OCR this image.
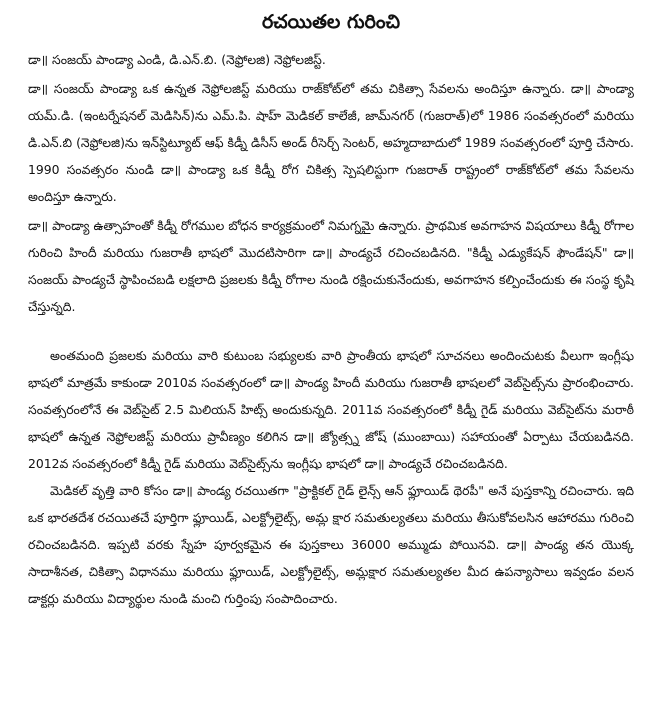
రచయితల గురించి

డా॥ సంజయ్ పాండ్యా ఎండి, డి.ఎన్.బి. (నెఫ్రోలజి) నెఫ్రోలజిస్ట్.

డా॥ సంజయ్ పాండ్యా ఒక ఉన్నత నెఫ్రోలజిస్ట్ మరియు రాజ్‌కోట్‌లో తమ చికిత్సా సేవలను అందిస్తూ ఉన్నారు. డా॥ పాండ్యా యమ్.డి. (ఇంటర్నేషనల్ మెడిసిన్)ను ఎమ్.పి. షాహ్ మెడికల్ కాలేజీ, జామ్‌నగర్ (గుజరాత్)లో 1986 సంవత్సరంలో మరియు డి.ఎన్.బి (నెఫ్రోలజి)ను ఇన్‌స్టిట్యూట్ ఆఫ్ కిడ్నీ డిసీస్ అండ్ రీసెర్చ్ సెంటర్, అహ్మదాబాదులో 1989 సంవత్సరంలో పూర్తి చేసారు. 1990 సంవత్సరం నుండి డా॥ పాండ్యా ఒక కిడ్నీ రోగ చికిత్స స్పెషలిస్టుగా గుజరాత్ రాష్ట్రంలో రాజ్‌కోట్‌లో తమ సేవలను అందిస్తూ ఉన్నారు.

డా॥ పాండ్యా ఉత్సాహంతో కిడ్నీ రోగముల బోధన కార్యక్రమంలో నిమగ్నమై ఉన్నారు. ప్రాథమిక అవగాహన విషయాలు కిడ్నీ రోగాల గురించి హిందీ మరియు గుజరాతీ భాషలో మొదటిసారిగా డా॥ పాండ్యచే రచించబడినది. "కిడ్నీ ఎడ్యుకేషన్ ఫౌండేషన్" డా॥ సంజయ్ పాండ్యచే స్థాపించబడి లక్షలాది ప్రజలకు కిడ్నీ రోగాల నుండి రక్షించుకునేందుకు, అవగాహన కల్పించేందుకు ఈ సంస్థ కృషి చేస్తున్నది.

అంతమంది ప్రజలకు మరియు వారి కుటుంబ సభ్యులకు వారి ప్రాంతీయ భాషలో సూచనలు అందించుటకు వీలుగా ఇంగ్లీషు భాషలో మాత్రమే కాకుండా 2010వ సంవత్సరంలో డా॥ పాండ్య హిందీ మరియు గుజరాతీ భాషలలో వెబ్‌సైట్స్‌ను ప్రారంభించారు. సంవత్సరంలోనే ఈ వెబ్‌సైట్ 2.5 మిలియన్ హిట్స్ అందుకున్నది. 2011వ సంవత్సరంలో కిడ్నీ గైడ్ మరియు వెబ్‌సైట్‌ను మరాఠీ భాషలో ఉన్నత నెఫ్రోలజిస్ట్ మరియు ప్రావీణ్యం కలిగిన డా॥ జ్యోత్స్న జోష్ (ముంబాయి) సహాయంతో ఏర్పాటు చేయబడినది. 2012వ సంవత్సరంలో కిడ్నీ గైడ్ మరియు వెబ్‌సైట్స్‌ను ఇంగ్లీషు భాషలో డా॥ పాండ్యచే రచించబడినది.

మెడికల్ వృత్తి వారి కోసం డా॥ పాండ్య రచయితగా "ప్రాక్టికల్ గైడ్ లైన్స్ ఆన్ ఫ్లూయిడ్ థెరపీ" అనే పుస్తకాన్ని రచించారు. ఇది ఒక భారతదేశ రచయితచే పూర్తిగా ఫ్లూయిడ్, ఎలక్ట్రోలైట్స్, అమ్ల క్షార సమతుల్యతలు మరియు తీసుకోవలసిన ఆహారము గురించి రచించబడినది. ఇప్పటి వరకు స్నేహ పూర్వకమైన ఈ పుస్తకాలు 36000 అమ్ముడు పోయినవి. డా॥ పాండ్య తన యొక్క సాదాశీనత, చికిత్సా విధానము మరియు ఫ్లూయిడ్, ఎలక్ట్రోలైట్స్, అమ్లక్షార సమతుల్యతల మీద ఉపన్యాసాలు ఇవ్వడం వలన డాక్టర్లు మరియు విద్యార్థుల నుండి మంచి గుర్తింపు సంపాదించారు.
